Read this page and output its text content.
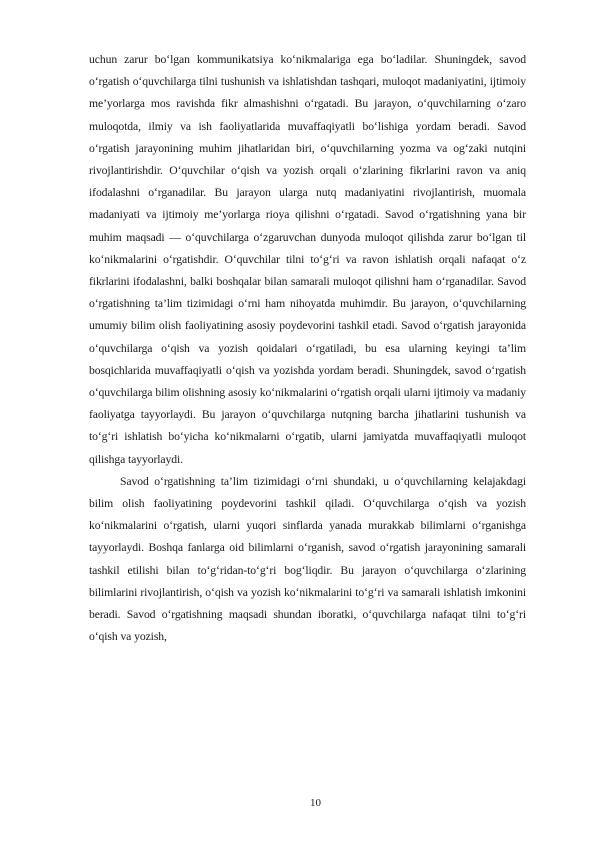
uchun zarur bo‘lgan kommunikatsiya ko‘nikmalariga ega bo‘ladilar. Shuningdek, savod o‘rgatish o‘quvchilarga tilni tushunish va ishlatishdan tashqari, muloqot madaniyatini, ijtimoiy me’yorlarga mos ravishda fikr almashishni o‘rgatadi. Bu jarayon, o‘quvchilarning o‘zaro muloqotda, ilmiy va ish faoliyatlarida muvaffaqiyatli bo‘lishiga yordam beradi. Savod o‘rgatish jarayonining muhim jihatlaridan biri, o‘quvchilarning yozma va og‘zaki nutqini rivojlantirishdir. O‘quvchilar o‘qish va yozish orqali o‘zlarining fikrlarini ravon va aniq ifodalashni o‘rganadilar. Bu jarayon ularga nutq madaniyatini rivojlantirish, muomala madaniyati va ijtimoiy me’yorlarga rioya qilishni o‘rgatadi. Savod o‘rgatishning yana bir muhim maqsadi — o‘quvchilarga o‘zgaruvchan dunyoda muloqot qilishda zarur bo‘lgan til ko‘nikmalarini o‘rgatishdir. O‘quvchilar tilni to‘g‘ri va ravon ishlatish orqali nafaqat o‘z fikrlarini ifodalashni, balki boshqalar bilan samarali muloqot qilishni ham o‘rganadilar. Savod o‘rgatishning ta’lim tizimidagi o‘rni ham nihoyatda muhimdir. Bu jarayon, o‘quvchilarning umumiy bilim olish faoliyatining asosiy poydevorini tashkil etadi. Savod o‘rgatish jarayonida o‘quvchilarga o‘qish va yozish qoidalari o‘rgatiladi, bu esa ularning keyingi ta’lim bosqichlarida muvaffaqiyatli o‘qish va yozishda yordam beradi. Shuningdek, savod o‘rgatish o‘quvchilarga bilim olishning asosiy ko‘nikmalarini o‘rgatish orqali ularni ijtimoiy va madaniy faoliyatga tayyorlaydi. Bu jarayon o‘quvchilarga nutqning barcha jihatlarini tushunish va to‘g‘ri ishlatish bo‘yicha ko‘nikmalarni o‘rgatib, ularni jamiyatda muvaffaqiyatli muloqot qilishga tayyorlaydi.

Savod o‘rgatishning ta’lim tizimidagi o‘rni shundaki, u o‘quvchilarning kelajakdagi bilim olish faoliyatining poydevorini tashkil qiladi. O‘quvchilarga o‘qish va yozish ko‘nikmalarini o‘rgatish, ularni yuqori sinflarda yanada murakkab bilimlarni o‘rganishga tayyorlaydi. Boshqa fanlarga oid bilimlarni o‘rganish, savod o‘rgatish jarayonining samarali tashkil etilishi bilan to‘g‘ridan-to‘g‘ri bog‘liqdir. Bu jarayon o‘quvchilarga o‘zlarining bilimlarini rivojlantirish, o‘qish va yozish ko‘nikmalarini to‘g‘ri va samarali ishlatish imkonini beradi. Savod o‘rgatishning maqsadi shundan iboratki, o‘quvchilarga nafaqat tilni to‘g‘ri o‘qish va yozish,

10
